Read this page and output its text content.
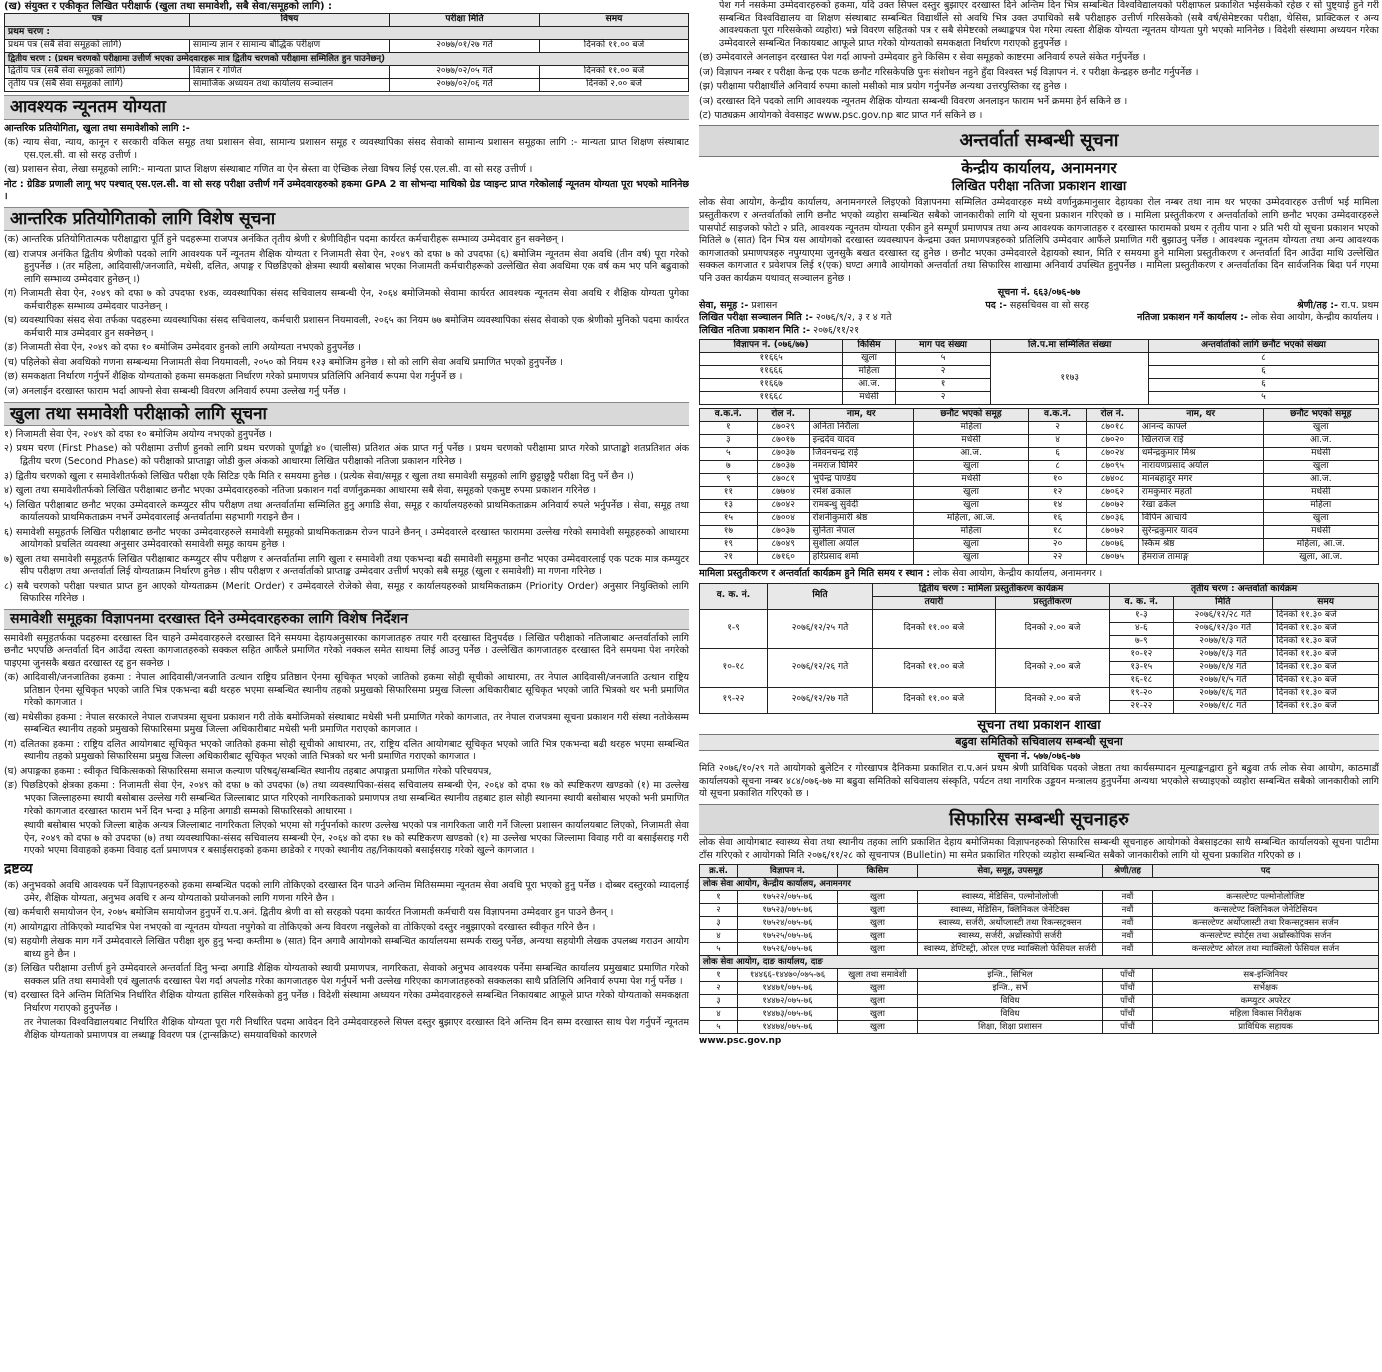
(ख) संयुक्त र एकीकृत लिखित परीक्षार्फ (खुला तथा समावेशी, सबै सेवा/समूहको लागि) :
पत्र	विषय	परीक्षा मिति	समय
प्रथम चरण :			
प्रथम पत्र (सबै सेवा समूहको लागि)	सामान्य ज्ञान र सामान्य बौद्धिक परीक्षण	२०७७/०१/२७ गते	दिनको ११.०० बजे
द्वितीय चरण : (प्रथम चरणको परीक्षामा उत्तीर्ण भएका उम्मेदवारहरू मात्र द्वितीय चरणको परीक्षामा सम्मिलित हुन पाउनेछन्)			
द्वितीय पत्र (सबै सेवा समूहको लागि)	विज्ञान र गणित	२०७७/०२/०५ गते	दिनको ११.०० बजे
तृतीय पत्र (सबै सेवा समूहको लागि)	सामाजिक अध्ययन तथा कार्यालय सञ्चालन	२०७७/०२/०६ गते	दिनको २.०० बजे
आवश्यक न्यूनतम योग्यता

आन्तरिक प्रतियोगिता, खुला तथा समावेशीको लागि :-

(क) न्याय सेवा, न्याय, कानून र सरकारी वकिल समूह तथा प्रशासन सेवा, सामान्य प्रशासन समूह र व्यवस्थापिका संसद सेवाको सामान्य प्रशासन समूहका लागि :- मान्यता प्राप्त शिक्षण संस्थाबाट एस.एल.सी. वा सो सरह उत्तीर्ण ।

(ख) प्रशासन सेवा, लेखा समूहको लागि:- मान्यता प्राप्त शिक्षण संस्थाबाट गणित वा ऐन स्रेस्ता वा ऐच्छिक लेखा विषय लिई एस.एल.सी. वा सो सरह उत्तीर्ण ।

नोट : ग्रेडिङ प्रणाली लागू भए पश्चात् एस.एल.सी. वा सो सरह परीक्षा उत्तीर्ण गर्ने उम्मेदवारहरुको हकमा GPA 2 वा सोभन्दा माथिको ग्रेड प्वाइन्ट प्राप्त गरेकोलाई न्यूनतम योग्यता पूरा भएको मानिनेछ ।

आन्तरिक प्रतियोगिताको लागि विशेष सूचना

(क) आन्तरिक प्रतियोगितात्मक परीक्षाद्वारा पूर्ति हुने पदहरूमा राजपत्र अनंकित तृतीय श्रेणी र श्रेणीविहीन पदमा कार्यरत कर्मचारीहरू सम्भाव्य उम्मेदवार हुन सक्नेछन् ।

(ख) राजपत्र अनंकित द्वितीय श्रेणीको पदको लागि आवश्यक पर्ने न्यूनतम शैक्षिक योग्यता र निजामती सेवा ऐन, २०४९ को दफा ७ को उपदफा (६) बमोजिम न्यूनतम सेवा अवधि (तीन वर्ष) पूरा गरेको हुनुपर्नेछ । (तर महिला, आदिवासी/जनजाति, मधेसी, दलित, अपाङ्ग र पिछडिएको क्षेत्रमा स्थायी बसोबास भएका निजामती कर्मचारीहरूको उल्लेखित सेवा अवधिमा एक वर्ष कम भए पनि बढुवाको लागि सम्भाव्य उम्मेदवार हुनेछन् ।)

(ग) निजामती सेवा ऐन, २०४९ को दफा ७ को उपदफा १४क, व्यवस्थापिका संसद सचिवालय सम्बन्धी ऐन, २०६४ बमोजिमको सेवामा कार्यरत आवश्यक न्यूनतम सेवा अवधि र शैक्षिक योग्यता पुगेका कर्मचारीहरू सम्भाव्य उम्मेदवार पाउनेछन् ।

(घ) व्यवस्थापिका संसद सेवा तर्फका पदहरुमा व्यवस्थापिका संसद सचिवालय, कर्मचारी प्रशासन नियमावली, २०६५ का नियम ७७ बमोजिम व्यवस्थापिका संसद सेवाको एक श्रेणीको मुनिको पदमा कार्यरत कर्मचारी मात्र उम्मेदवार हुन सक्नेछन् ।

(ङ) निजामती सेवा ऐन, २०४९ को दफा १० बमोजिम उम्मेदवार हुनको लागि अयोग्यता नभएको हुनुपर्नेछ ।

(च) पहिलेको सेवा अवधिको गणना सम्बन्धमा निजामती सेवा नियमावली, २०५० को नियम १२३ बमोजिम हुनेछ । सो को लागि सेवा अवधि प्रमाणित भएको हुनुपर्नेछ ।

(छ) समकक्षता निर्धारण गर्नुपर्ने शैक्षिक योग्यताको हकमा समकक्षता निर्धारण गरेको प्रमाणपत्र प्रतिलिपि अनिवार्य रूपमा पेश गर्नुपर्ने छ ।

(ज) अनलाईन दरखास्त फाराम भर्दा आफ्नो सेवा सम्बन्धी विवरण अनिवार्य रुपमा उल्लेख गर्नु पर्नेछ ।

खुला तथा समावेशी परीक्षाको लागि सूचना

१) निजामती सेवा ऐन, २०४९ को दफा १० बमोजिम अयोग्य नभएको हुनुपर्नेछ ।

२) प्रथम चरण (First Phase) को परीक्षामा उत्तीर्ण हुनको लागि प्रथम चरणको पूर्णाङ्को ४० (चालीस) प्रतिशत अंक प्राप्त गर्नु पर्नेछ । प्रथम चरणको परीक्षामा प्राप्त गरेको प्राप्ताङ्को शतप्रतिशत अंक द्वितीय चरण (Second Phase) को परीक्षाको प्राप्ताङ्मा जोडी कुल अंकको आधारमा लिखित परीक्षाको नतिजा प्रकाशन गरिनेछ ।

३) द्वितीय चरणको खुला र समावेशीतर्फको लिखित परीक्षा एकै सिटिङ एकै मिति र समयमा हुनेछ । (प्रत्येक सेवा/समूह र खुला तथा समावेशी समूहको लागि छुट्टाछुट्टै परीक्षा दिनु पर्ने छैन ।)

४) खुला तथा समावेशीतर्फको लिखित परीक्षाबाट छनौट भएका उम्मेदवारहरुको नतिजा प्रकाशन गर्दा वर्णानुक्रमका आधारमा सबै सेवा, समूहको एकमुष्ट रुपमा प्रकाशन गरिनेछ ।

५) लिखित परीक्षाबाट छनौट भएका उम्मेदवारले कम्प्युटर सीप परीक्षण तथा अन्तर्वार्तामा सम्मिलित हुनु अगाडि सेवा, समूह र कार्यालयहरुको प्राथमिकताक्रम अनिवार्य रुपले भर्नुपर्नेछ । सेवा, समूह तथा कार्यालयको प्राथमिकताक्रम नभर्ने उम्मेदवारलाई अन्तर्वार्तामा सहभागी गराइने छैन ।

६) समावेशी समूहतर्फ लिखित परीक्षाबाट छनौट भएका उम्मेदवारहरुले समावेशी समूहको प्राथमिकताक्रम रोज्न पाउने छैनन् । उम्मेदवारले दरखास्त फाराममा उल्लेख गरेको समावेशी समूहहरुको आधारमा आयोगको प्रचलित व्यवस्था अनुसार उम्मेदवारको समावेशी समूह कायम हुनेछ ।

७) खुला तथा समावेशी समूहतर्फ लिखित परीक्षाबाट कम्प्युटर सीप परीक्षण र अन्तर्वार्तामा लागि खुला र समावेशी तथा एकभन्दा बढी समावेशी समूहमा छनौट भएका उम्मेदवारलाई एक पटक मात्र कम्प्युटर सीप परीक्षण तथा अन्तर्वार्ता लिई योग्यताक्रम निर्धारण हुनेछ । सीप परीक्षण र अन्तर्वार्ताको प्राप्ताङ्क उम्मेदवार उत्तीर्ण भएको सबै समूह (खुला र समावेशी) मा गणना गरिनेछ ।

८) सबै चरणको परीक्षा पश्चात प्राप्त हुन आएको योग्यताक्रम (Merit Order) र उम्मेदवारले रोजेको सेवा, समूह र कार्यालयहरुको प्राथमिकताक्रम (Priority Order) अनुसार नियुक्तिको लागि सिफारिस गरिनेछ ।

समावेशी समूहका विज्ञापनमा दरखास्त दिने उम्मेदवारहरुका लागि विशेष निर्देशन

समावेशी समूहतर्फका पदहरुमा दरखास्त दिन चाहने उम्मेदवारहरुले दरखास्त दिने समयमा देहायअनुसारका कागजातहरु तयार गरी दरखास्त दिनुपर्दछ । लिखित परीक्षाको नतिजाबाट अन्तर्वार्ताको लागि छनौट भएपछि अन्तर्वार्ता दिन आउँदा त्यस्ता कागजातहरुको सक्कल सहित आफैंले प्रमाणित गरेको नक्कल समेत साथमा लिई आउनु पर्नेछ । उल्लेखित कागजातहरु दरखास्त दिने समयमा पेश नगरेको पाइएमा जुनसकै बखत दरखास्त रद्द हुन सक्नेछ ।

(क) आदिवासी/जनजातिका हकमा : नेपाल आदिवासी/जनजाति उत्थान राष्ट्रिय प्रतिष्ठान ऐनमा सूचिकृत भएको जातिको हकमा सोही सूचीको आधारमा, तर नेपाल आदिवासी/जनजाति उत्थान राष्ट्रिय प्रतिष्ठान ऐनमा सूचिकृत भएको जाति भित्र एकभन्दा बढी थरहरु भएमा सम्बन्धित स्थानीय तहको प्रमुखको सिफारिसमा प्रमुख जिल्ला अधिकारीबाट सूचिकृत भएको जाति भित्रको थर भनी प्रमाणित गरेको कागजात ।

(ख) मधेसीका हकमा : नेपाल सरकारले नेपाल राजपत्रमा सूचना प्रकाशन गरी तोके बमोजिमको संस्थाबाट मधेसी भनी प्रमाणित गरेको कागजात, तर नेपाल राजपत्रमा सूचना प्रकाशन गरी संस्था नतोकेसम्म सम्बन्धित स्थानीय तहको प्रमुखको सिफारिसमा प्रमुख जिल्ला अधिकारीबाट मधेसी भनी प्रमाणित गराएको कागजात ।

(ग) दलितका हकमा : राष्ट्रिय दलित आयोगबाट सूचिकृत भएको जातिको हकमा सोही सूचीको आधारमा, तर, राष्ट्रिय दलित आयोगबाट सूचिकृत भएको जाति भित्र एकभन्दा बढी थरहरु भएमा सम्बन्धित स्थानीय तहको प्रमुखको सिफारिसमा प्रमुख जिल्ला अधिकारीबाट सूचिकृत भएको जाति भित्रको थर भनी प्रमाणित गराएको कागजात ।

(घ) अपाङ्गका हकमा : स्वीकृत चिकित्सकको सिफारिसमा समाज कल्याण परिषद्/सम्बन्धित स्थानीय तहबाट अपाङ्गता प्रमाणित गरेको परिचयपत्र,

(ङ) पिछडिएको क्षेत्रका हकमा : निजामती सेवा ऐन, २०४९ को दफा ७ को उपदफा (७) तथा व्यवस्थापिका-संसद सचिवालय सम्बन्धी ऐन, २०६४ को दफा १७ को स्पष्टिकरण खण्डको (१) मा उल्लेख भएका जिल्लाहरुमा स्थायी बसोबास उल्लेख गरी सम्बन्धित जिल्लाबाट प्राप्त गरिएको नागरिकताको प्रमाणपत्र तथा सम्बन्धित स्थानीय तहबाट हाल सोही स्थानमा स्थायी बसोबास भएको भनी प्रमाणित गरेको कागजात दरखास्त फाराम भर्ने दिन भन्दा ३ महिना अगाडी सम्मको सिफारिसको आधारमा ।

स्थायी बसोबास भएको जिल्ला बाहेक अन्यत्र जिल्लाबाट नागरिकता लिएको भएमा सो गर्नुपर्नाको कारण उल्लेख भएको पत्र नागरिकता जारी गर्ने जिल्ला प्रशासन कार्यालयबाट लिएको, निजामती सेवा ऐन, २०४९ को दफा ७ को उपदफा (७) तथा व्यवस्थापिका-संसद सचिवालय सम्बन्धी ऐन, २०६४ को दफा १७ को स्पष्टिकरण खण्डको (१) मा उल्लेख भएका जिल्लामा विवाह गरी वा बसाईसराइ गरी गएको भएमा विवाहको हकमा विवाह दर्ता प्रमाणपत्र र बसाईसराइको हकमा छाडेको र गएको स्थानीय तह/निकायको बसाईसराइ गरेको खुल्ने कागजात ।

द्रष्टव्य

(क) अनुभवको अवधि आवश्यक पर्ने विज्ञापनहरुको हकमा सम्बन्धित पदको लागि तोकिएको दरखास्त दिन पाउने अन्तिम मितिसम्ममा न्यूनतम सेवा अवधि पूरा भएको हुनु पर्नेछ । दोब्बर दस्तुरको म्यादलाई उमेर, शैक्षिक योग्यता, अनुभव अवधि र अन्य योग्यताको प्रयोजनको लागि गणना गरिने छैन ।

(ख) कर्मचारी समायोजन ऐन, २०७५ बमोजिम समायोजन हुनुपर्ने रा.प.अनं. द्वितीय श्रेणी वा सो सरहको पदमा कार्यरत निजामती कर्मचारी यस विज्ञापनमा उम्मेदवार हुन पाउने छैनन् ।

(ग) आयोगद्वारा तोकिएको म्यादभित्र पेश नभएको वा न्यूनतम योग्यता नपुगेको वा तोकिएको अन्य विवरण नखुलेको वा तोकिएको दस्तुर नबुझाएको दरखास्त स्वीकृत गरिने छैन ।

(घ) सहयोगी लेखक माग गर्ने उम्मेदवारले लिखित परीक्षा शुरु हुनु भन्दा कम्तीमा ७ (सात) दिन अगावै आयोगको सम्बन्धित कार्यालयमा सम्पर्क राख्नु पर्नेछ, अन्यथा सहयोगी लेखक उपलब्ध गराउन आयोग बाध्य हुने छैन ।

(ङ) लिखित परीक्षामा उत्तीर्ण हुने उम्मेदवारले अन्तर्वार्ता दिनु भन्दा अगाडि शैक्षिक योग्यताको स्थायी प्रमाणपत्र, नागरिकता, सेवाको अनुभव आवश्यक पर्नेमा सम्बन्धित कार्यालय प्रमुखबाट प्रमाणित गरेको सक्कल प्रति तथा समावेशी एवं खुलातर्फ दरखास्त पेश गर्दा अपलोड गरेका कागजातहरु पेश गर्नुपर्ने भनी उल्लेख गरिएका कागजातहरुको सक्कलका साथै प्रतिलिपि अनिवार्य रुपमा पेश गर्नु पर्नेछ ।

(च) दरखास्त दिने अन्तिम मितिभित्र निर्धारित शैक्षिक योग्यता हासिल गरिसकेको हुनु पर्नेछ । विदेशी संस्थामा अध्ययन गरेका उम्मेदवारहरुले सम्बन्धित निकायबाट आफूले प्राप्त गरेको योग्यताको समकक्षता निर्धारण गराएको हुनुपर्नेछ ।

तर नेपालका विश्वविद्यालयबाट निर्धारित शैक्षिक योग्यता पूरा गरी निर्धारित पदमा आवेदन दिने उम्मेदवारहरुले सिफ्ल दस्तुर बुझाएर दरखास्त दिने अन्तिम दिन सम्म दरखास्त साथ पेश गर्नुपर्ने न्यूनतम शैक्षिक योग्यताको प्रमाणपत्र वा लब्धाङ्क विवरण पत्र (ट्रान्सक्रिप्ट) समयावधिको कारणले

पेश गर्न नसकेमा उम्मेदवारहरुको हकमा, यदि उक्त सिफ्ल दस्तुर बुझाएर दरखास्त दिने अन्तिम दिन भित्र सम्बन्धित विश्वविद्यालयको परीक्षाफल प्रकाशित भईसकेको रहेछ र सो पुष्ट्याई हुने गरी सम्बन्धित विश्वविद्यालय वा शिक्षण संस्थाबाट सम्बन्धित विद्यार्थीले सो अवधि भित्र उक्त उपाधिको सबै परीक्षाहरु उत्तीर्ण गरिसकेको (सबै वर्ष/सेमेष्टरका परीक्षा, थेसिस, प्राक्टिकल र अन्य आवश्यकता पूरा गरिसकेको व्यहोरा) भन्ने विवरण सहितको पत्र र सबै सेमेष्टरको लब्धाङ्कपत्र पेश गरेमा त्यस्ता शैक्षिक योग्यता न्यूनतम योग्यता पुगे भएको मानिनेछ । विदेशी संस्थामा अध्ययन गरेका उम्मेदवारले सम्बन्धित निकायबाट आफूले प्राप्त गरेको योग्यताको समकक्षता निर्धारण गराएको हुनुपर्नेछ ।

(छ) उम्मेदवारले अनलाइन दरखास्त पेश गर्दा आफ्नो उम्मेदवार हुने किसिम र सेवा समूहको काष्टरमा अनिवार्य रुपले संकेत गर्नुपर्नेछ ।

(ज) विज्ञापन नम्बर र परीक्षा केन्द्र एक पटक छनौट गरिसकेपछि पुनः संशोधन नहुने हुँदा विश्वस्त भई विज्ञापन नं. र परीक्षा केन्द्रहरु छनौट गर्नुपर्नेछ ।

(झ) परीक्षामा परीक्षार्थीले अनिवार्य रुपमा कालो मसीको मात्र प्रयोग गर्नुपर्नेछ अन्यथा उत्तरपुस्तिका रद्द हुनेछ ।

(ञ) दरखास्त दिने पदको लागि आवश्यक न्यूनतम शैक्षिक योग्यता सम्बन्धी विवरण अनलाइन फाराम भर्ने क्रममा हेर्न सकिने छ ।

(ट) पाठ्यक्रम आयोगको वेवसाइट www.psc.gov.np बाट प्राप्त गर्न सकिने छ ।

अन्तर्वार्ता सम्बन्धी सूचना
केन्द्रीय कार्यालय, अनामनगर
लिखित परीक्षा नतिजा प्रकाशन शाखा

लोक सेवा आयोग, केन्द्रीय कार्यालय, अनामनगरले लिइएको विज्ञापनमा सम्मिलित उम्मेदवारहरु मध्ये वर्णानुक्रमानुसार देहायका रोल नम्बर तथा नाम थर भएका उम्मेदवारहरु उत्तीर्ण भई मामिला प्रस्तुतीकरण र अन्तर्वार्ताको लागि छनौट भएको व्यहोरा सम्बन्धित सबैको जानकारीको लागि यो सूचना प्रकाशन गरिएको छ । मामिला प्रस्तुतीकरण र अन्तर्वार्ताको लागि छनौट भएका उम्मेदवारहरुले पासपोर्ट साइजको फोटो २ प्रति, आवश्यक न्यूनतम योग्यता एकीन हुने सम्पूर्ण प्रमाणपत्र तथा अन्य आवश्यक कागजातहरु र दरखास्त फारामको प्रथम र तृतीय पाना २ प्रति भरी यो सूचना प्रकाशन भएको मितिले ७ (सात) दिन भित्र यस आयोगको दरखास्त व्यवस्थापन केन्द्रमा उक्त प्रमाणपत्रहरुको प्रतिलिपि उम्मेदवार आफैंले प्रमाणित गरी बुझाउनु पर्नेछ । आवश्यक न्यूनतम योग्यता तथा अन्य आवश्यक कागजातको प्रमाणपत्रहरु नपुग्याएमा जुनसुकै बखत दरखास्त रद्द हुनेछ । छनौट भएका उम्मेदवारले देहायको स्थान, मिति र समयमा हुने मामिला प्रस्तुतीकरण र अन्तर्वार्ता दिन आउँदा माथि उल्लेखित सक्कल कागजात र प्रवेशपत्र लिई १(एक) घण्टा अगावै आयोगको अन्तर्वार्ता तथा सिफारिस शाखामा अनिवार्य उपस्थित हुनुपर्नेछ । मामिला प्रस्तुतीकरण र अन्तर्वार्ताका दिन सार्वजनिक बिदा पर्न गएमा पनि उक्त कार्यक्रम यथावत् सञ्चालन हुनेछ ।

सूचना नं. ६६३/०७६-७७
सेवा, समूह :- प्रशासन	पद :- सहसचिवस वा सो सरह	श्रेणी/तह :- रा.प. प्रथम
लिखित परीक्षा सञ्चालन मिति :- २०७६/९/२, ३ र ४ गते	नतिजा प्रकाशन गर्ने कार्यालय :- लोक सेवा आयोग, केन्द्रीय कार्यालय ।
लिखित नतिजा प्रकाशन मिति :- २०७६/११/२१
विज्ञापन नं. (०७६/७७)	किसिम	माग पद संख्या	लि.प.मा सम्मिलित संख्या	अन्तर्वार्ताको लागि छनौट भएको संख्या
११६६५	खुला	५	११७३	८
११६६६	महिला	२		६
११६६७	आ.ज.	१		६
११६६८	मधेसी	२		५
व.क.नं.	रोल नं.	नाम, थर	छनौट भएको समूह	व.क.नं.	रोल नं.	नाम, थर	छनौट भएको समूह
१	८७०२९	अनिता निरौला	महिला	२	८७०१८	आनन्द काफ्ले	खुला
३	८७०१७	इन्द्रदेव यादव	मधेसी	४	८७०२०	खिलराज राई	आ.ज.
५	८७०३७	जिवनचन्द्र राई	आ.ज.	६	८७०२४	धर्मेन्द्रकुमार मिश्र	मधेसी
७	८७०३७	नमराज घिमिरे	खुला	८	८७०९५	नारायणप्रसाद अर्याल	खुला
९	८७०८१	भुपेन्द्र पाण्डेय	मधेसी	१०	८७४०८	मानबहादुर मगर	आ.ज.
११	८७७०४	रमेश ढकाल	खुला	१२	८७०६२	रामकुमार महतो	मधेसी
१३	८७०४२	रामबन्धु सुवेदी	खुला	१४	८७०७२	रेखा ढकेल	महिला
१५	८७००४	रोशनीकुमारी श्रेष्ठ	महिला, आ.ज.	१६	८७०३६	विपिन आचार्य	खुला
१७	८७०३७	सुनिता नेपाल	महिला	१८	८७०७२	सुरेन्द्रकुमार यादव	मधेसी
१९	८७०४९	सुशीला अर्याल	खुला	२०	८७०७६	स्किम श्रेष्ठ	महिला, आ.ज.
२१	८७१६०	हरिप्रसाद शर्मा	खुला	२२	८७०७५	हेमराज तामाङ्ग	खुला, आ.ज.
मामिला प्रस्तुतीकरण र अन्तर्वार्ता कार्यक्रम हुने मिति समय र स्थान : लोक सेवा आयोग, केन्द्रीय कार्यालय, अनामनगर ।
व. क. नं.	मिति	द्वितीय चरण : मामिला प्रस्तुतीकरण कार्यक्रम		तृतीय चरण : अन्तर्वार्ता कार्यक्रम		
		तयारी	प्रस्तुतीकरण	व. क. नं.	मिति	समय
१-९	२०७६/१२/२५ गते	दिनको ११.०० बजे	दिनको २.०० बजे	१-३	२०७६/१२/२८ गते	दिनको ११.३० बजे
				४-६	२०७६/१२/३० गते	दिनको ११.३० बजे
				७-९	२०७७/१/३ गते	दिनको ११.३० बजे
१०-१८	२०७६/१२/२६ गते	दिनको ११.०० बजे	दिनको २.०० बजे	१०-१२	२०७७/१/३ गते	दिनको ११.३० बजे
				१३-१५	२०७७/१/४ गते	दिनको ११.३० बजे
				१६-१८	२०७७/१/५ गते	दिनको ११.३० बजे
१९-२२	२०७६/१२/२७ गते	दिनको ११.०० बजे	दिनको २.०० बजे	१९-२०	२०७७/१/६ गते	दिनको ११.३० बजे
				२१-२२	२०७७/१/८ गते	दिनको ११.३० बजे
सूचना तथा प्रकाशन शाखा
बढुवा समितिको सचिवालय सम्बन्धी सूचना
सूचना नं. ५७७/०७६-७७

मिति २०७६/१०/२९ गते आयोगको बुलेटिन र गोरखापत्र दैनिकमा प्रकाशित रा.प.अनं प्रथम श्रेणी प्राविधिक पदको जेष्ठता तथा कार्यसम्पादन मूल्याङ्कनद्वारा हुने बढुवा तर्फ लोक सेवा आयोग, काठमाडौं कार्यालयको सूचना नम्बर ४८४/०७६-७७ मा बढुवा समितिको सचिवालय संस्कृति, पर्यटन तथा नागरिक उड्डयन मन्त्रालय हुनुपर्नेमा अन्यथा भएकोले सच्याइएको व्यहोरा सम्बन्धित सबैको जानकारीको लागि यो सूचना प्रकाशित गरिएको छ ।

सिफारिस सम्बन्धी सूचनाहरु

लोक सेवा आयोगबाट स्वास्थ्य सेवा तथा स्थानीय तहका लागि प्रकाशित देहाय बमोजिमका विज्ञापनहरुको सिफारिस सम्बन्धी सूचनाहरु आयोगको वेबसाइटका साथै सम्बन्धित कार्यालयको सूचना पाटीमा टाँस गरिएको र आयोगको मिति २०७६/११/२८ को सूचनापत्र (Bulletin) मा समेत प्रकाशित गरिएको व्यहोरा सम्बन्धित सबैको जानकारीको लागि यो सूचना प्रकाशित गरिएको छ ।

क्र.सं.	विज्ञापन नं.	किसिम	सेवा, समूह, उपसमूह	श्रेणी/तह	पद
लोक सेवा आयोग, केन्द्रीय कार्यालय, अनामनगर					
१	१७५२२/०७५-७६	खुला	स्वास्थ्य, मेडिसिन, पल्मोनोलोजी	नवौं	कन्सल्टेण्ट पल्मोनोलोजिष्ट
२	१७५२३/०७५-७६	खुला	स्वास्थ्य, मेडिसिन, क्लिनिकल जेनेटिक्स	नवौं	कन्सल्टेण्ट क्लिनिकल जेनेटिसियन
३	१७५२४/०७५-७६	खुला	स्वास्थ्य, सर्जरी, अर्थोप्लास्टी तथा रिकन्सट्रक्सन	नवौं	कन्सल्टेण्ट अर्थोप्लास्टी तथा रिकन्सट्रक्सन सर्जन
४	१७५२५/०७५-७६	खुला	स्वास्थ्य, सर्जरी, अर्थ्रोस्कोपी सर्जरी	नवौं	कन्सल्टेण्ट स्पोर्ट्स तथा अर्थ्रोस्कोपिक सर्जन
५	१७५२६/०७५-७६	खुला	स्वास्थ्य, डेण्टिस्ट्री, ओरल एण्ड म्याक्सिलो फेसियल सर्जरी	नवौं	कन्सल्टेण्ट ओरल तथा म्याक्सिलो फेसियल सर्जन
लोक सेवा आयोग, दाङ कार्यालय, दाङ					
१	१४४६६-१४४७०/०७५-७६	खुला तथा समावेशी	इन्जि., सिभिल	पाँचौं	सब-इन्जिनियर
२	१४४७१/०७५-७६	खुला	इन्जि., सर्भे	पाँचौं	सर्भेक्षक
३	१४४७२/०७५-७६	खुला	विविध	पाँचौं	कम्प्युटर अपरेटर
४	१४४७३/०७५-७६	खुला	विविध	पाँचौं	महिला विकास निरीक्षक
५	१४४७४/०७५-७६	खुला	शिक्षा, शिक्षा प्रशासन	पाँचौं	प्राविधिक सहायक
www.psc.gov.np
